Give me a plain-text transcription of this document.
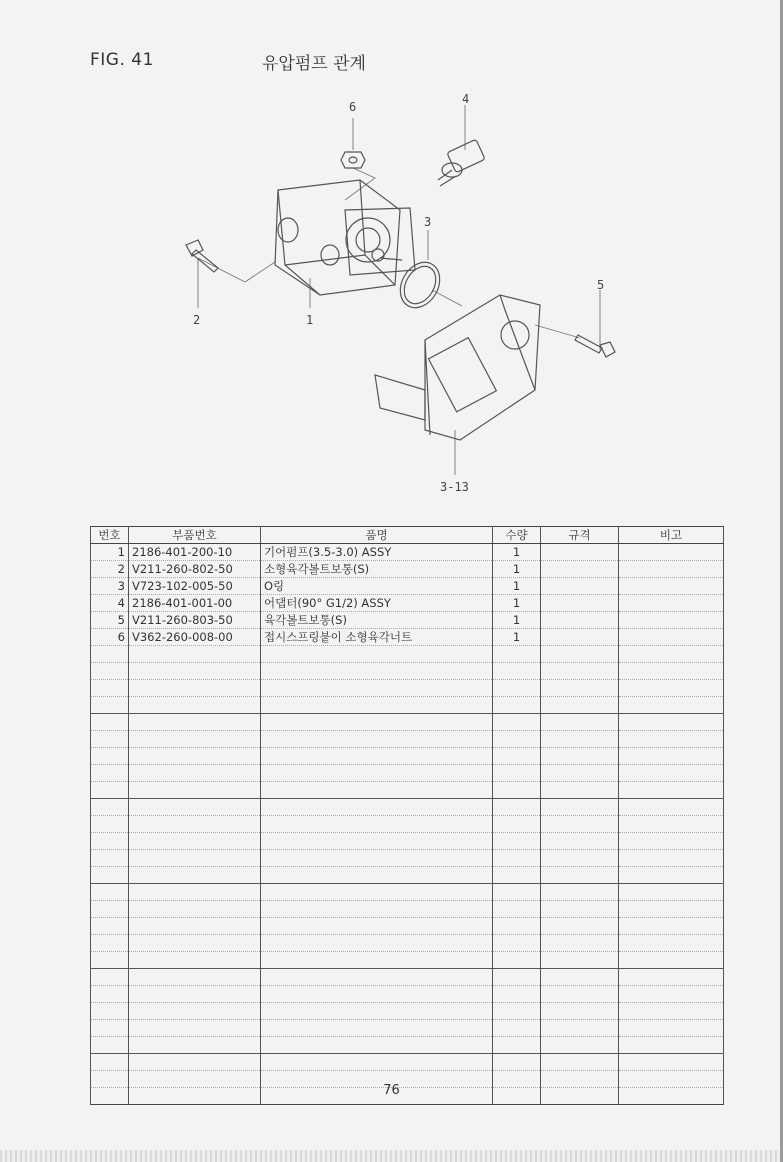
FIG. 41	유압펌프 관계
6
4
3
2	1
5
3-13
번호	부품번호	품명	수량	규격	비고
1	2186-401-200-10	기어펌프(3.5-3.0) ASSY	1		
2	V211-260-802-50	소형육각볼트보통(S)	1		
3	V723-102-005-50	O링	1		
4	2186-401-001-00	어댑터(90° G1/2) ASSY	1		
5	V211-260-803-50	육각볼트보통(S)	1		
6	V362-260-008-00	접시스프링붙이 소형육각너트	1		

76
